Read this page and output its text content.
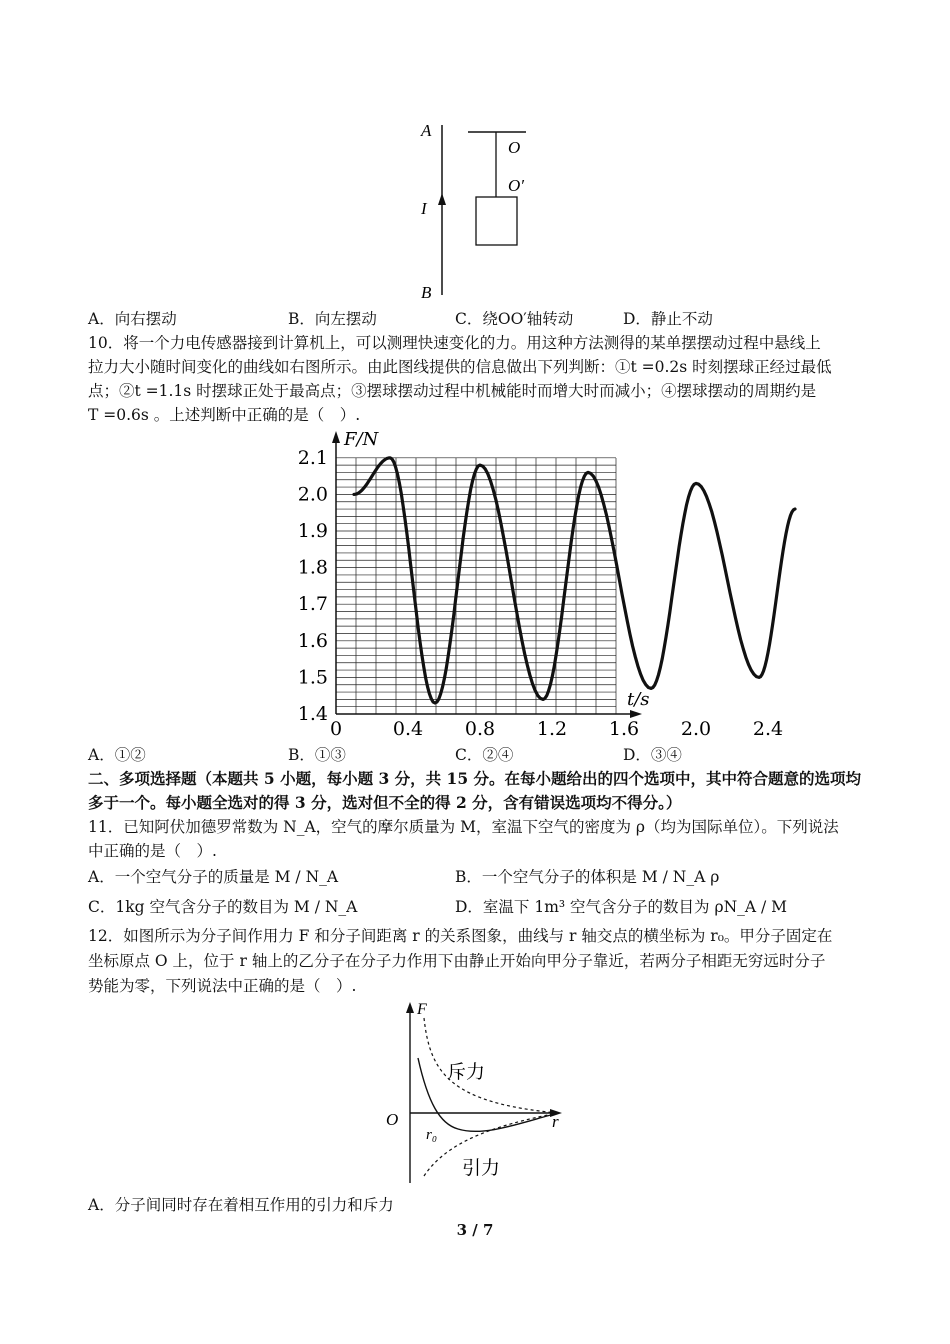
A
O
O′
I
B
A．向右摆动	B．向左摆动	C．绕OO′轴转动	D．静止不动
10．将一个力电传感器接到计算机上，可以测理快速变化的力。用这种方法测得的某单摆摆动过程中悬线上
拉力大小随时间变化的曲线如右图所示。由此图线提供的信息做出下列判断：①t =0.2s 时刻摆球正经过最低
点；②t =1.1s 时摆球正处于最高点；③摆球摆动过程中机械能时而增大时而减小；④摆球摆动的周期约是
T =0.6s 。上述判断中正确的是（　）.
F/N
t/s
1.4
1.5
1.6
1.7
1.8
1.9
2.0
2.1
0	0.4 0.8 1.2 1.6 2.0 2.4
A．①②	B．①③	C．②④	D．③④
二、多项选择题（本题共 5 小题，每小题 3 分，共 15 分。在每小题给出的四个选项中，其中符合题意的选项均
多于一个。每小题全选对的得 3 分，选对但不全的得 2 分，含有错误选项均不得分。）
11．已知阿伏加德罗常数为 N_A，空气的摩尔质量为 M，室温下空气的密度为 ρ（均为国际单位）。下列说法
中正确的是（　）.
A．一个空气分子的质量是 M / N_A	B．一个空气分子的体积是 M / N_A ρ
C．1kg 空气含分子的数目为 M / N_A	D．室温下 1m³ 空气含分子的数目为 ρN_A / M
12．如图所示为分子间作用力 F 和分子间距离 r 的关系图象，曲线与 r 轴交点的横坐标为 r₀。甲分子固定在
坐标原点 O 上，位于 r 轴上的乙分子在分子力作用下由静止开始向甲分子靠近，若两分子相距无穷远时分子
势能为零，下列说法中正确的是（　）.
F
O	r
r₀
斥力
引力
A．分子间同时存在着相互作用的引力和斥力
3 / 7
